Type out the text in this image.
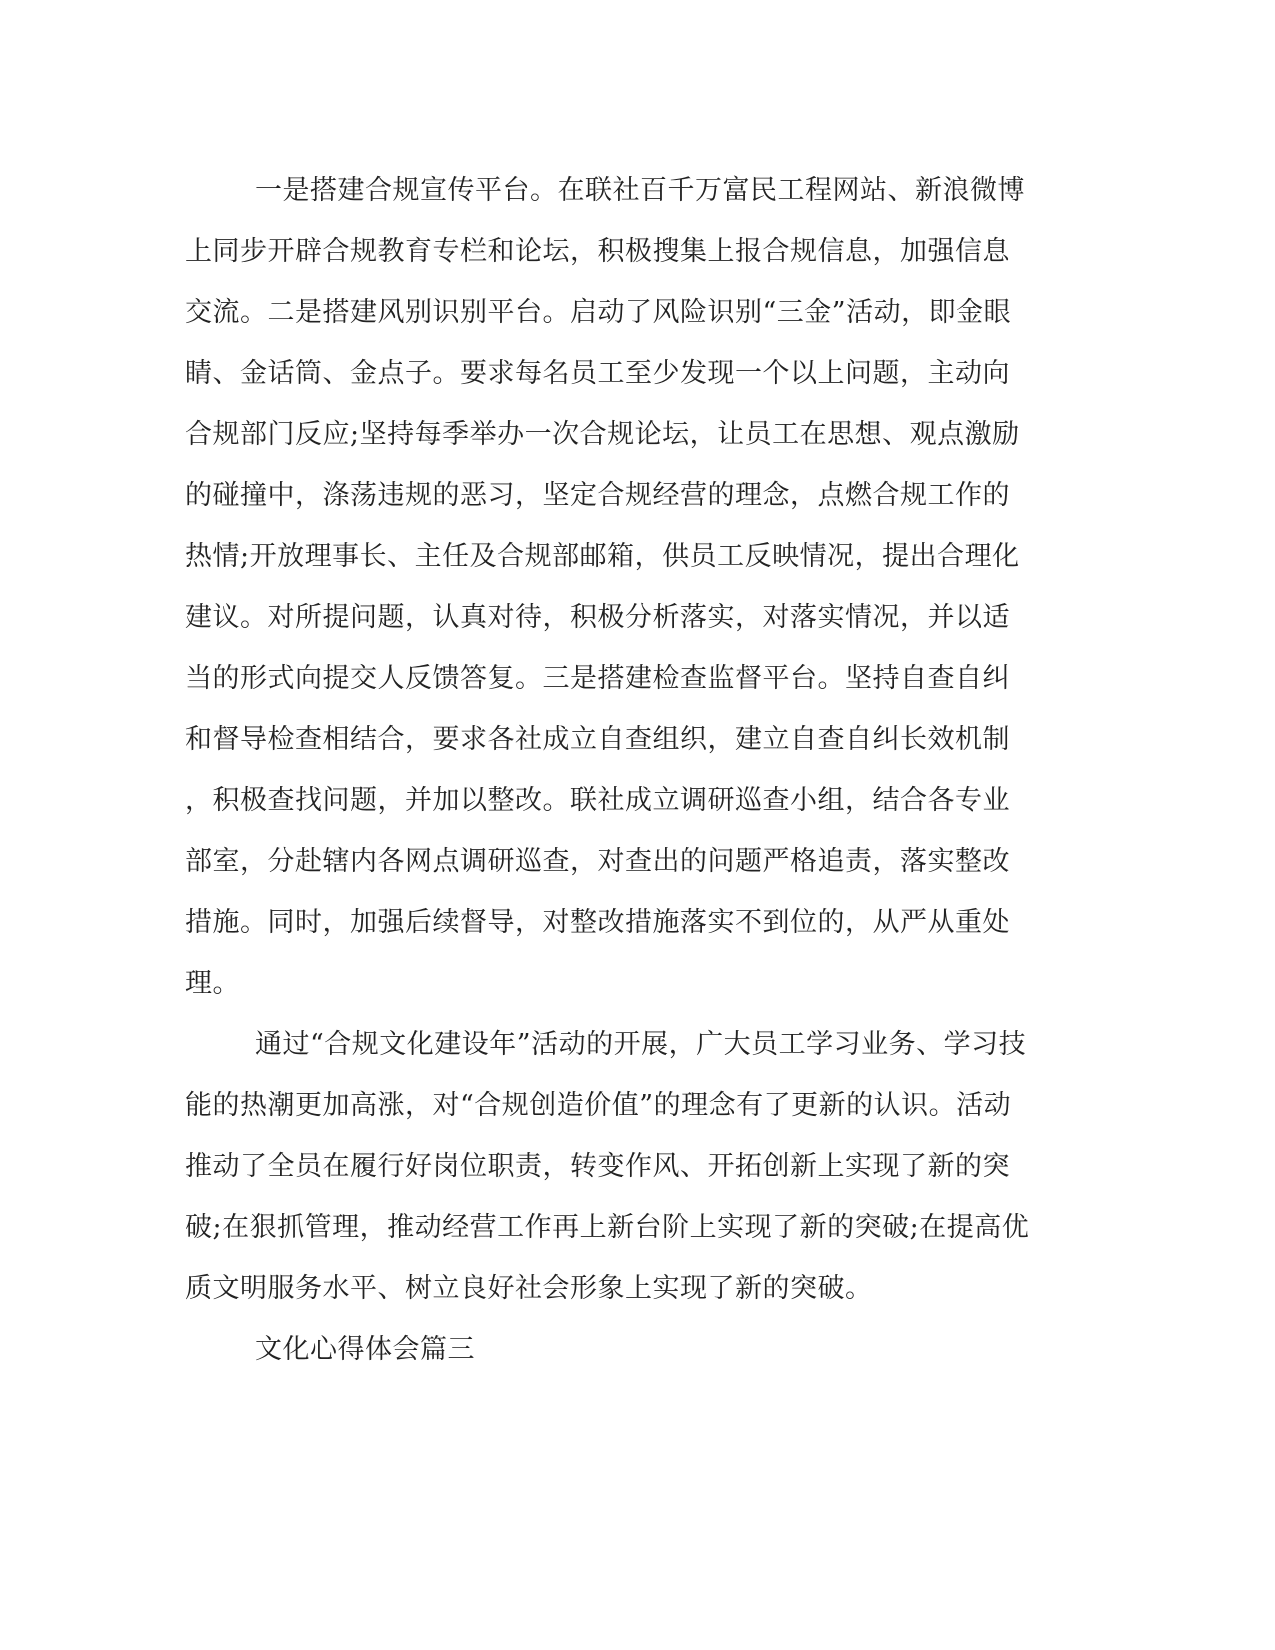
一是搭建合规宣传平台。在联社百千万富民工程网站、新浪微博
上同步开辟合规教育专栏和论坛，积极搜集上报合规信息，加强信息
交流。二是搭建风别识别平台。启动了风险识别“三金”活动，即金眼
睛、金话筒、金点子。要求每名员工至少发现一个以上问题，主动向
合规部门反应;坚持每季举办一次合规论坛，让员工在思想、观点激励
的碰撞中，涤荡违规的恶习，坚定合规经营的理念，点燃合规工作的
热情;开放理事长、主任及合规部邮箱，供员工反映情况，提出合理化
建议。对所提问题，认真对待，积极分析落实，对落实情况，并以适
当的形式向提交人反馈答复。三是搭建检查监督平台。坚持自查自纠
和督导检查相结合，要求各社成立自查组织，建立自查自纠长效机制
，积极查找问题，并加以整改。联社成立调研巡查小组，结合各专业
部室，分赴辖内各网点调研巡查，对查出的问题严格追责，落实整改
措施。同时，加强后续督导，对整改措施落实不到位的，从严从重处
理。
通过“合规文化建设年”活动的开展，广大员工学习业务、学习技
能的热潮更加高涨，对“合规创造价值”的理念有了更新的认识。活动
推动了全员在履行好岗位职责，转变作风、开拓创新上实现了新的突
破;在狠抓管理，推动经营工作再上新台阶上实现了新的突破;在提高优
质文明服务水平、树立良好社会形象上实现了新的突破。
文化心得体会篇三
